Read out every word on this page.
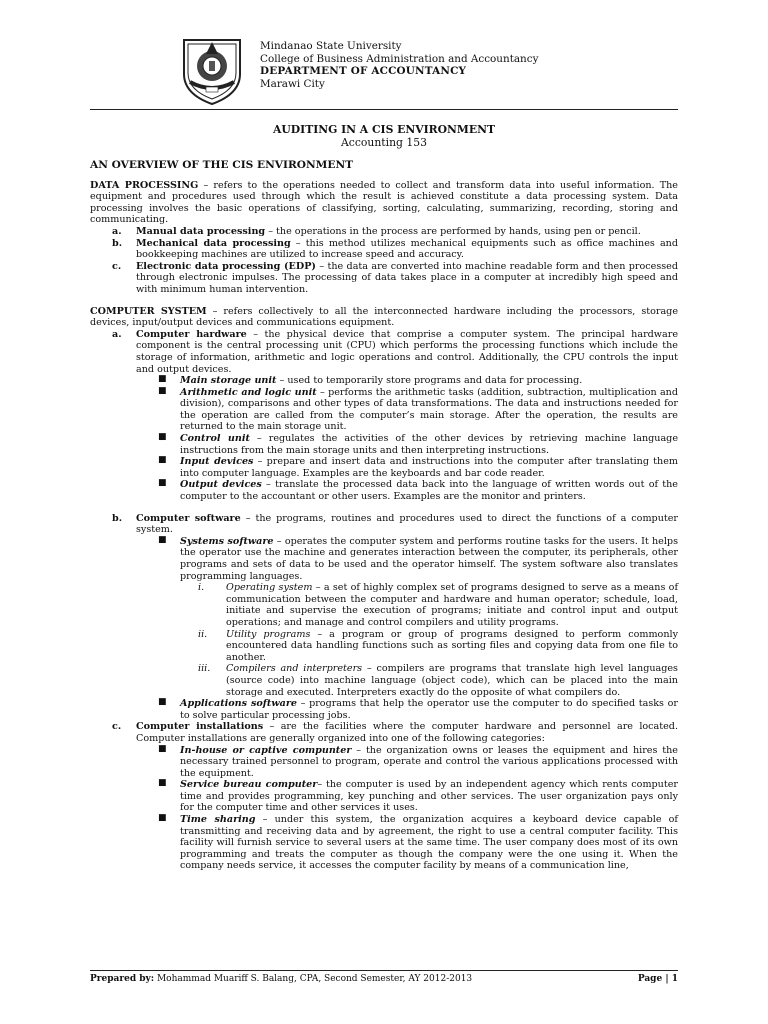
Mindanao State University
College of Business Administration and Accountancy
DEPARTMENT OF ACCOUNTANCY
Marawi City
AUDITING IN A CIS ENVIRONMENT
Accounting 153

AN OVERVIEW OF THE CIS ENVIRONMENT

DATA PROCESSING – refers to the operations needed to collect and transform data into useful information. The equipment and procedures used through which the result is achieved constitute a data processing system. Data processing involves the basic operations of classifying, sorting, calculating, summarizing, recording, storing and communicating.

a. Manual data processing – the operations in the process are performed by hands, using pen or pencil.
b. Mechanical data processing – this method utilizes mechanical equipments such as office machines and bookkeeping machines are utilized to increase speed and accuracy.
c. Electronic data processing (EDP) – the data are converted into machine readable form and then processed through electronic impulses. The processing of data takes place in a computer at incredibly high speed and with minimum human intervention.

COMPUTER SYSTEM – refers collectively to all the interconnected hardware including the processors, storage devices, input/output devices and communications equipment.

a. Computer hardware – the physical device that comprise a computer system. The principal hardware component is the central processing unit (CPU) which performs the processing functions which include the storage of information, arithmetic and logic operations and control. Additionally, the CPU controls the input and output devices.
■ Main storage unit – used to temporarily store programs and data for processing.
■ Arithmetic and logic unit – performs the arithmetic tasks (addition, subtraction, multiplication and division), comparisons and other types of data transformations. The data and instructions needed for the operation are called from the computer’s main storage. After the operation, the results are returned to the main storage unit.
■ Control unit – regulates the activities of the other devices by retrieving machine language instructions from the main storage units and then interpreting instructions.
■ Input devices – prepare and insert data and instructions into the computer after translating them into computer language. Examples are the keyboards and bar code reader.
■ Output devices – translate the processed data back into the language of written words out of the computer to the accountant or other users. Examples are the monitor and printers.
b. Computer software – the programs, routines and procedures used to direct the functions of a computer system.
■ Systems software – operates the computer system and performs routine tasks for the users. It helps the operator use the machine and generates interaction between the computer, its peripherals, other programs and sets of data to be used and the operator himself. The system software also translates programming languages.
i. Operating system – a set of highly complex set of programs designed to serve as a means of communication between the computer and hardware and human operator; schedule, load, initiate and supervise the execution of programs; initiate and control input and output operations; and manage and control compilers and utility programs.
ii. Utility programs – a program or group of programs designed to perform commonly encountered data handling functions such as sorting files and copying data from one file to another.
iii. Compilers and interpreters – compilers are programs that translate high level languages (source code) into machine language (object code), which can be placed into the main storage and executed. Interpreters exactly do the opposite of what compilers do.
■ Applications software – programs that help the operator use the computer to do specified tasks or to solve particular processing jobs.
c. Computer installations – are the facilities where the computer hardware and personnel are located. Computer installations are generally organized into one of the following categories:
■ In-house or captive compunter – the organization owns or leases the equipment and hires the necessary trained personnel to program, operate and control the various applications processed with the equipment.
■ Service bureau computer– the computer is used by an independent agency which rents computer time and provides programming, key punching and other services. The user organization pays only for the computer time and other services it uses.
■ Time sharing – under this system, the organization acquires a keyboard device capable of transmitting and receiving data and by agreement, the right to use a central computer facility. This facility will furnish service to several users at the same time. The user company does most of its own programming and treats the computer as though the company were the one using it. When the company needs service, it accesses the computer facility by means of a communication line,
Prepared by: Mohammad Muariff S. Balang, CPA, Second Semester, AY 2012-2013	Page | 1
